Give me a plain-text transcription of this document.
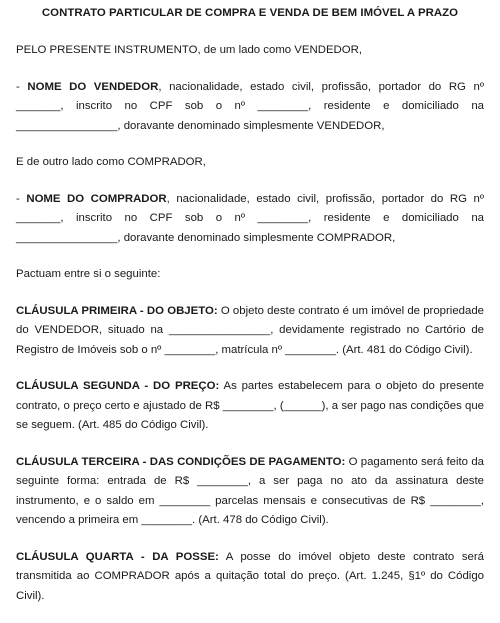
CONTRATO PARTICULAR DE COMPRA E VENDA DE BEM IMÓVEL A PRAZO

PELO PRESENTE INSTRUMENTO, de um lado como VENDEDOR,

- NOME DO VENDEDOR, nacionalidade, estado civil, profissão, portador do RG nº _______, inscrito no CPF sob o nº ________, residente e domiciliado na ________________, doravante denominado simplesmente VENDEDOR,

E de outro lado como COMPRADOR,

- NOME DO COMPRADOR, nacionalidade, estado civil, profissão, portador do RG nº _______, inscrito no CPF sob o nº ________, residente e domiciliado na ________________, doravante denominado simplesmente COMPRADOR,

Pactuam entre si o seguinte:

CLÁUSULA PRIMEIRA - DO OBJETO: O objeto deste contrato é um imóvel de propriedade do VENDEDOR, situado na ________________, devidamente registrado no Cartório de Registro de Imóveis sob o nº ________, matrícula nº ________. (Art. 481 do Código Civil).

CLÁUSULA SEGUNDA - DO PREÇO: As partes estabelecem para o objeto do presente contrato, o preço certo e ajustado de R$ ________, (______), a ser pago nas condições que se seguem. (Art. 485 do Código Civil).

CLÁUSULA TERCEIRA - DAS CONDIÇÕES DE PAGAMENTO: O pagamento será feito da seguinte forma: entrada de R$ ________, a ser paga no ato da assinatura deste instrumento, e o saldo em ________ parcelas mensais e consecutivas de R$ ________, vencendo a primeira em ________. (Art. 478 do Código Civil).

CLÁUSULA QUARTA - DA POSSE: A posse do imóvel objeto deste contrato será transmitida ao COMPRADOR após a quitação total do preço. (Art. 1.245, §1º do Código Civil).
